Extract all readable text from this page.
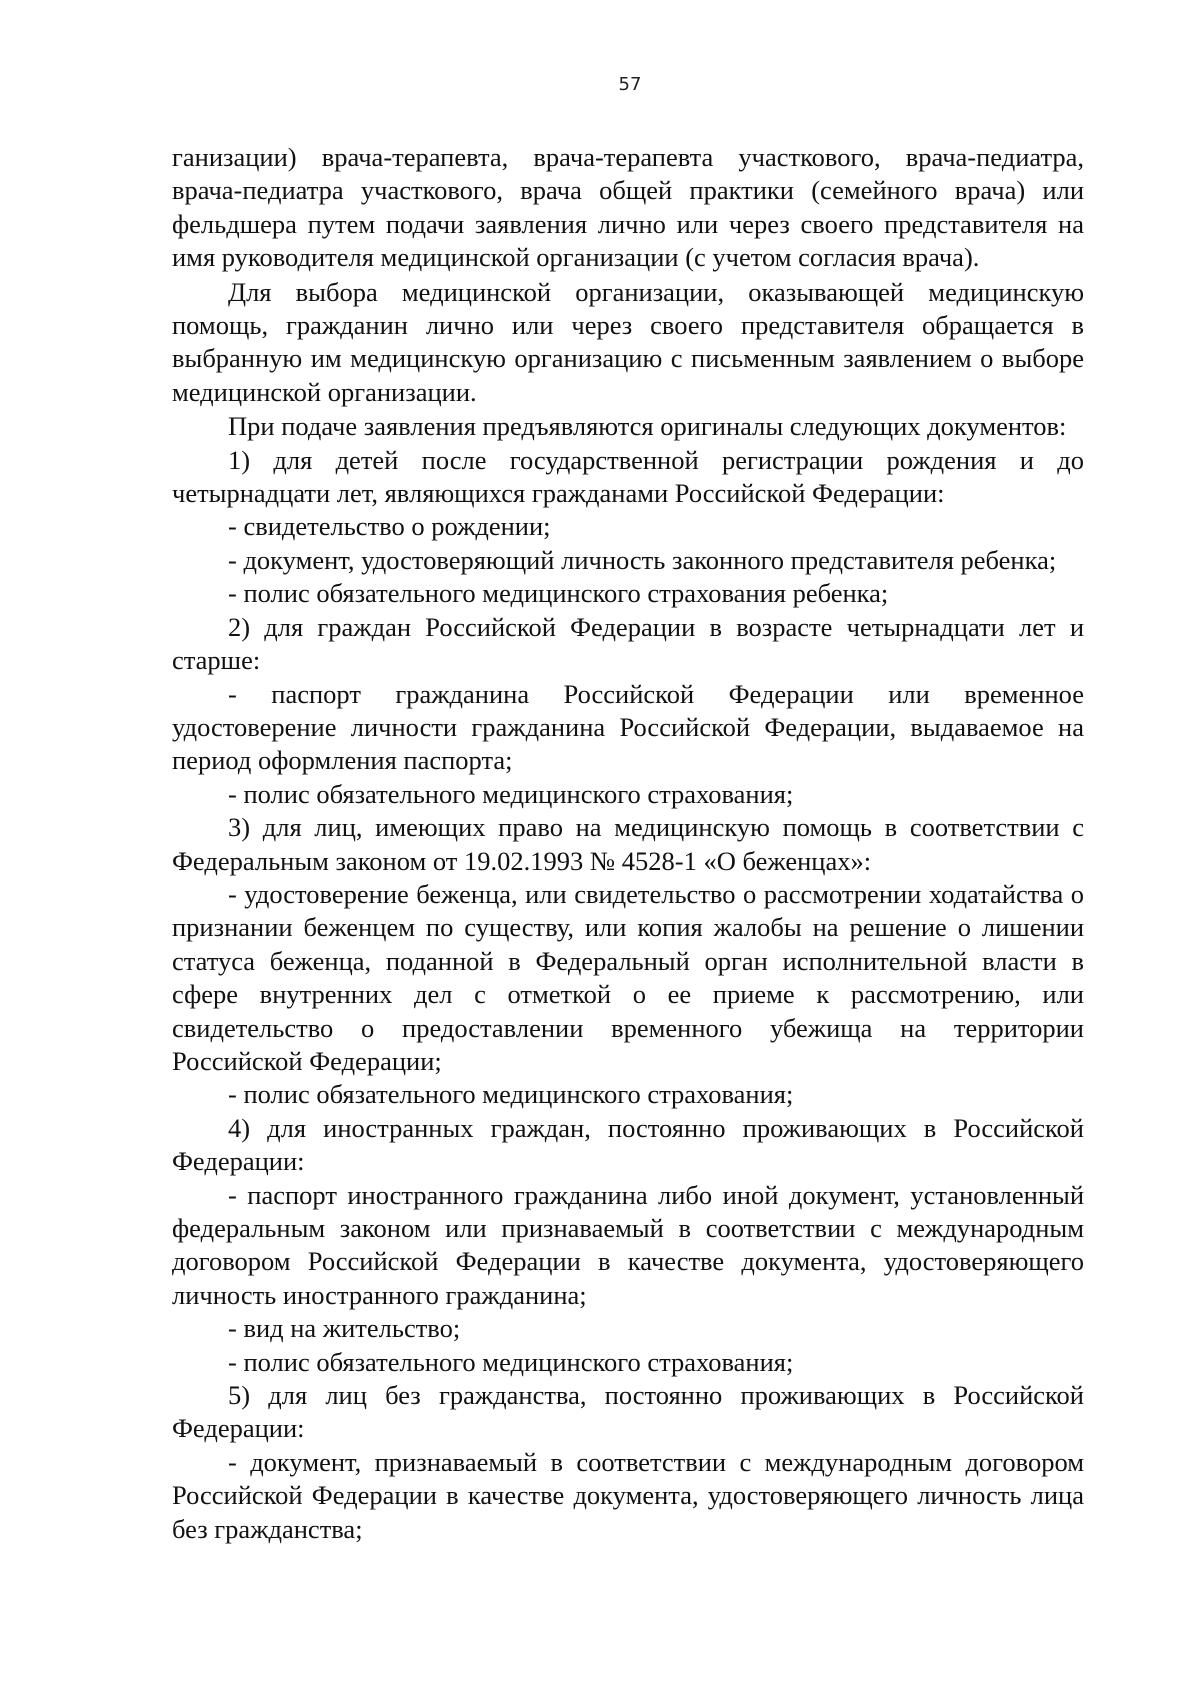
57

ганизации) врача-терапевта, врача-терапевта участкового, врача-педиатра, врача-педиатра участкового, врача общей практики (семейного врача) или фельдшера путем подачи заявления лично или через своего представителя на имя руководителя медицинской организации (с учетом согласия врача).

Для выбора медицинской организации, оказывающей медицинскую помощь, гражданин лично или через своего представителя обращается в выбранную им медицинскую организацию с письменным заявлением о выборе медицинской организации.

При подаче заявления предъявляются оригиналы следующих документов:

1) для детей после государственной регистрации рождения и до четырнадцати лет, являющихся гражданами Российской Федерации:

- свидетельство о рождении;

- документ, удостоверяющий личность законного представителя ребенка;

- полис обязательного медицинского страхования ребенка;

2) для граждан Российской Федерации в возрасте четырнадцати лет и старше:

- паспорт гражданина Российской Федерации или временное удостоверение личности гражданина Российской Федерации, выдаваемое на период оформления паспорта;

- полис обязательного медицинского страхования;

3) для лиц, имеющих право на медицинскую помощь в соответствии с Федеральным законом от 19.02.1993 № 4528-1 «О беженцах»:

- удостоверение беженца, или свидетельство о рассмотрении ходатайства о признании беженцем по существу, или копия жалобы на решение о лишении статуса беженца, поданной в Федеральный орган исполнительной власти в сфере внутренних дел с отметкой о ее приеме к рассмотрению, или свидетельство о предоставлении временного убежища на территории Российской Федерации;

- полис обязательного медицинского страхования;

4) для иностранных граждан, постоянно проживающих в Российской Федерации:

- паспорт иностранного гражданина либо иной документ, установленный федеральным законом или признаваемый в соответствии с международным договором Российской Федерации в качестве документа, удостоверяющего личность иностранного гражданина;

- вид на жительство;

- полис обязательного медицинского страхования;

5) для лиц без гражданства, постоянно проживающих в Российской Федерации:

- документ, признаваемый в соответствии с международным договором Российской Федерации в качестве документа, удостоверяющего личность лица без гражданства;
